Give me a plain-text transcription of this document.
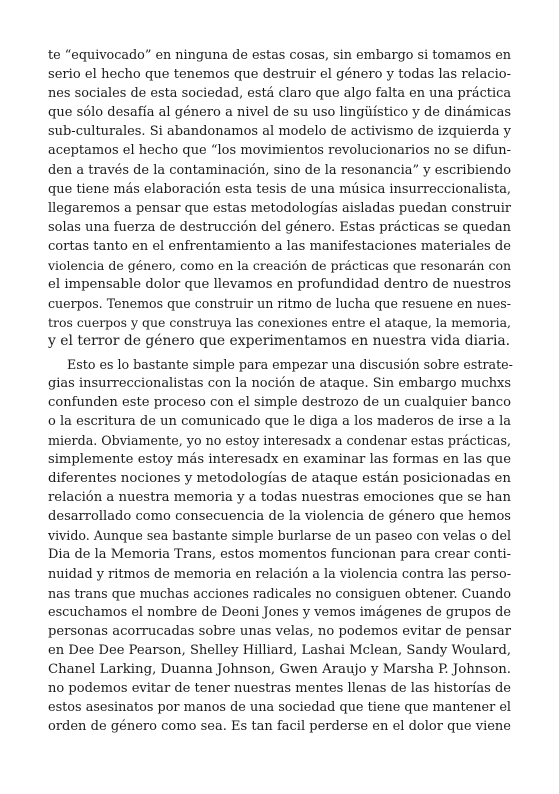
te “equivocado” en ninguna de estas cosas, sin embargo si tomamos en
serio el hecho que tenemos que destruir el género y todas las relacio-
nes sociales de esta sociedad, está claro que algo falta en una práctica
que sólo desafía al género a nivel de su uso lingüístico y de dinámicas
sub-culturales. Si abandonamos al modelo de activismo de izquierda y
aceptamos el hecho que “los movimientos revolucionarios no se difun-
den a través de la contaminación, sino de la resonancia” y escribiendo
que tiene más elaboración esta tesis de una música insurreccionalista,
llegaremos a pensar que estas metodologías aisladas puedan construir
solas una fuerza de destrucción del género. Estas prácticas se quedan
cortas tanto en el enfrentamiento a las manifestaciones materiales de
violencia de género, como en la creación de prácticas que resonarán con
el impensable dolor que llevamos en profundidad dentro de nuestros
cuerpos. Tenemos que construir un ritmo de lucha que resuene en nues-
tros cuerpos y que construya las conexiones entre el ataque, la memoria,
y el terror de género que experimentamos en nuestra vida diaria.
Esto es lo bastante simple para empezar una discusión sobre estrate-
gias insurreccionalistas con la noción de ataque. Sin embargo muchxs
confunden este proceso con el simple destrozo de un cualquier banco
o la escritura de un comunicado que le diga a los maderos de irse a la
mierda. Obviamente, yo no estoy interesadx a condenar estas prácticas,
simplemente estoy más interesadx en examinar las formas en las que
diferentes nociones y metodologías de ataque están posicionadas en
relación a nuestra memoria y a todas nuestras emociones que se han
desarrollado como consecuencia de la violencia de género que hemos
vivido. Aunque sea bastante simple burlarse de un paseo con velas o del
Dia de la Memoria Trans, estos momentos funcionan para crear conti-
nuidad y ritmos de memoria en relación a la violencia contra las perso-
nas trans que muchas acciones radicales no consiguen obtener. Cuando
escuchamos el nombre de Deoni Jones y vemos imágenes de grupos de
personas acorrucadas sobre unas velas, no podemos evitar de pensar
en Dee Dee Pearson, Shelley Hilliard, Lashai Mclean, Sandy Woulard,
Chanel Larking, Duanna Johnson, Gwen Araujo y Marsha P. Johnson.
no podemos evitar de tener nuestras mentes llenas de las historías de
estos asesinatos por manos de una sociedad que tiene que mantener el
orden de género como sea. Es tan facil perderse en el dolor que viene
